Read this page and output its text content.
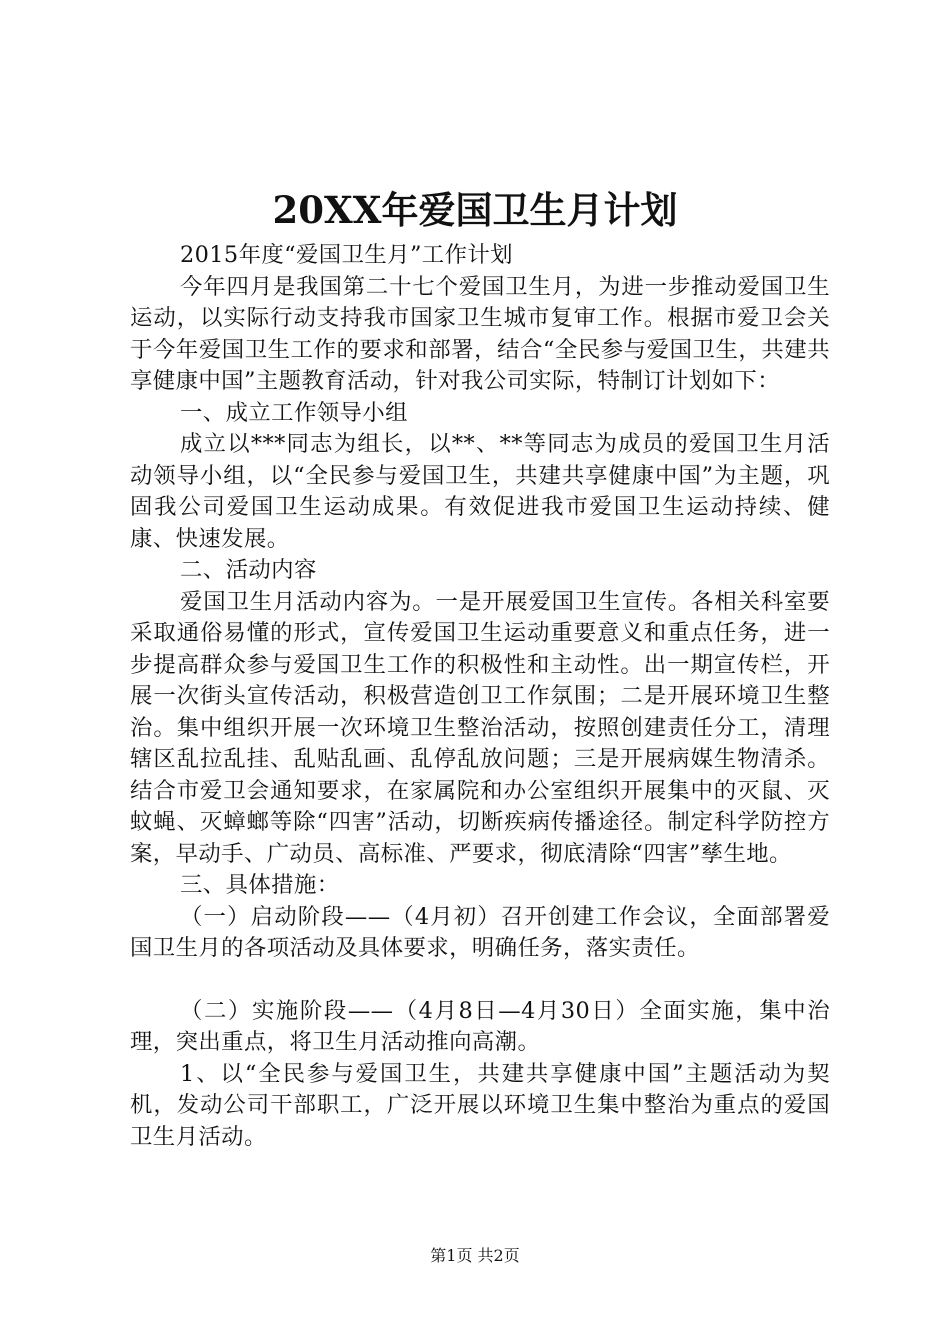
20XX年爱国卫生月计划

2015年度“爱国卫生月”工作计划

今年四月是我国第二十七个爱国卫生月，为进一步推动爱国卫生运动，以实际行动支持我市国家卫生城市复审工作。根据市爱卫会关于今年爱国卫生工作的要求和部署，结合“全民参与爱国卫生，共建共享健康中国”主题教育活动，针对我公司实际，特制订计划如下：

一、成立工作领导小组

成立以***同志为组长，以**、**等同志为成员的爱国卫生月活动领导小组，以“全民参与爱国卫生，共建共享健康中国”为主题，巩固我公司爱国卫生运动成果。有效促进我市爱国卫生运动持续、健康、快速发展。

二、活动内容

爱国卫生月活动内容为。一是开展爱国卫生宣传。各相关科室要采取通俗易懂的形式，宣传爱国卫生运动重要意义和重点任务，进一步提高群众参与爱国卫生工作的积极性和主动性。出一期宣传栏，开展一次街头宣传活动，积极营造创卫工作氛围；二是开展环境卫生整治。集中组织开展一次环境卫生整治活动，按照创建责任分工，清理辖区乱拉乱挂、乱贴乱画、乱停乱放问题；三是开展病媒生物清杀。结合市爱卫会通知要求，在家属院和办公室组织开展集中的灭鼠、灭蚊蝇、灭蟑螂等除“四害”活动，切断疾病传播途径。制定科学防控方案，早动手、广动员、高标准、严要求，彻底清除“四害”孳生地。

三、具体措施：

（一）启动阶段——（4月初）召开创建工作会议，全面部署爱国卫生月的各项活动及具体要求，明确任务，落实责任。

（二）实施阶段——（4月8日—4月30日）全面实施，集中治理，突出重点，将卫生月活动推向高潮。

1、以“全民参与爱国卫生，共建共享健康中国”主题活动为契机，发动公司干部职工，广泛开展以环境卫生集中整治为重点的爱国卫生月活动。

第1页 共2页
